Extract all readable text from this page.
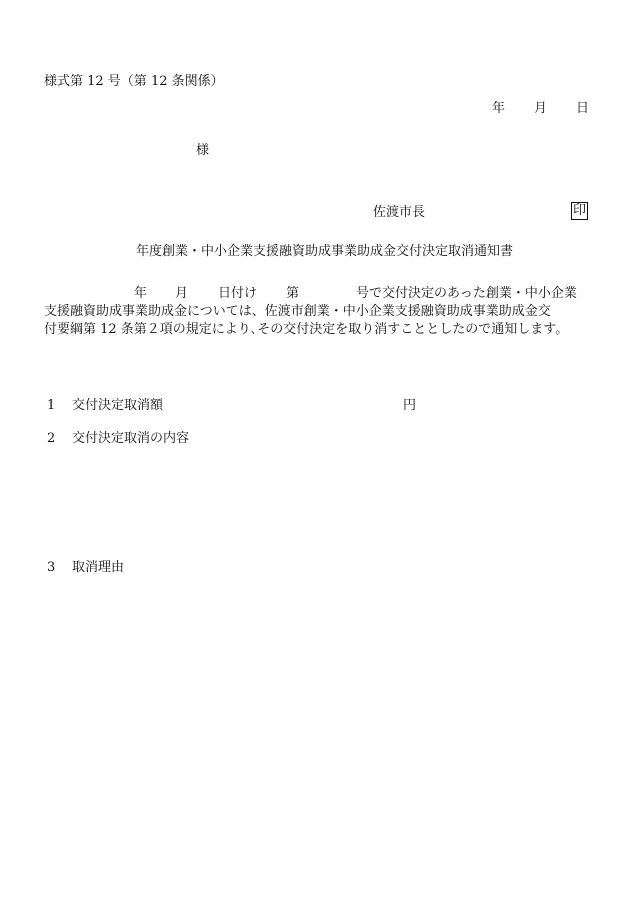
様式第 12 号（第 12 条関係）
年 月 日
様
佐渡市長	印
年度創業・中小企業支援融資助成事業助成金交付決定取消通知書
年 月 日付け 第	号で交付決定のあった創業・中小企業
支援融資助成事業助成金については、佐渡市創業・中小企業支援融資助成事業助成金交
付要綱第 12 条第２項の規定により､その交付決定を取り消すこととしたので通知します。
1 交付決定取消額	円
2 交付決定取消の内容
3 取消理由
